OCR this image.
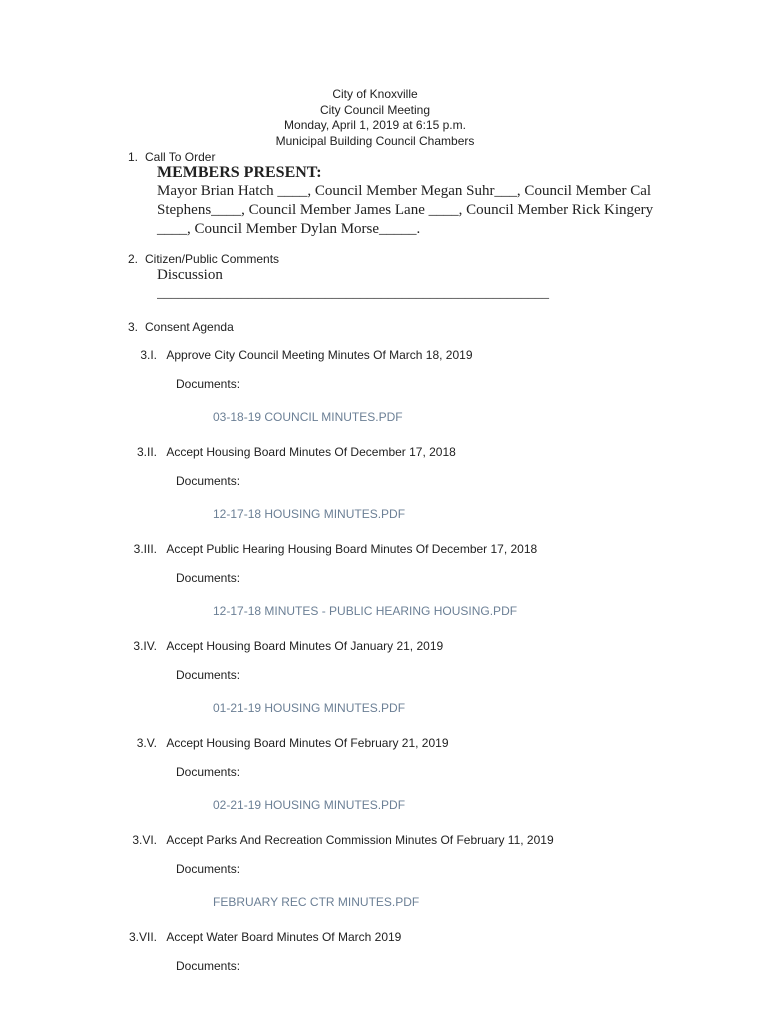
City of Knoxville
City Council Meeting
Monday, April 1, 2019 at 6:15 p.m.
Municipal Building Council Chambers
1. Call To Order
MEMBERS PRESENT:
Mayor Brian Hatch ____, Council Member Megan Suhr___, Council Member Cal
Stephens____, Council Member James Lane ____, Council Member Rick Kingery
____, Council Member Dylan Morse_____.
2. Citizen/Public Comments
Discussion
________________________________________________________
3. Consent Agenda
3.I. Approve City Council Meeting Minutes Of March 18, 2019
Documents:
03-18-19 COUNCIL MINUTES.PDF
3.II. Accept Housing Board Minutes Of December 17, 2018
Documents:
12-17-18 HOUSING MINUTES.PDF
3.III. Accept Public Hearing Housing Board Minutes Of December 17, 2018
Documents:
12-17-18 MINUTES - PUBLIC HEARING HOUSING.PDF
3.IV. Accept Housing Board Minutes Of January 21, 2019
Documents:
01-21-19 HOUSING MINUTES.PDF
3.V. Accept Housing Board Minutes Of February 21, 2019
Documents:
02-21-19 HOUSING MINUTES.PDF
3.VI. Accept Parks And Recreation Commission Minutes Of February 11, 2019
Documents:
FEBRUARY REC CTR MINUTES.PDF
3.VII. Accept Water Board Minutes Of March 2019
Documents:
